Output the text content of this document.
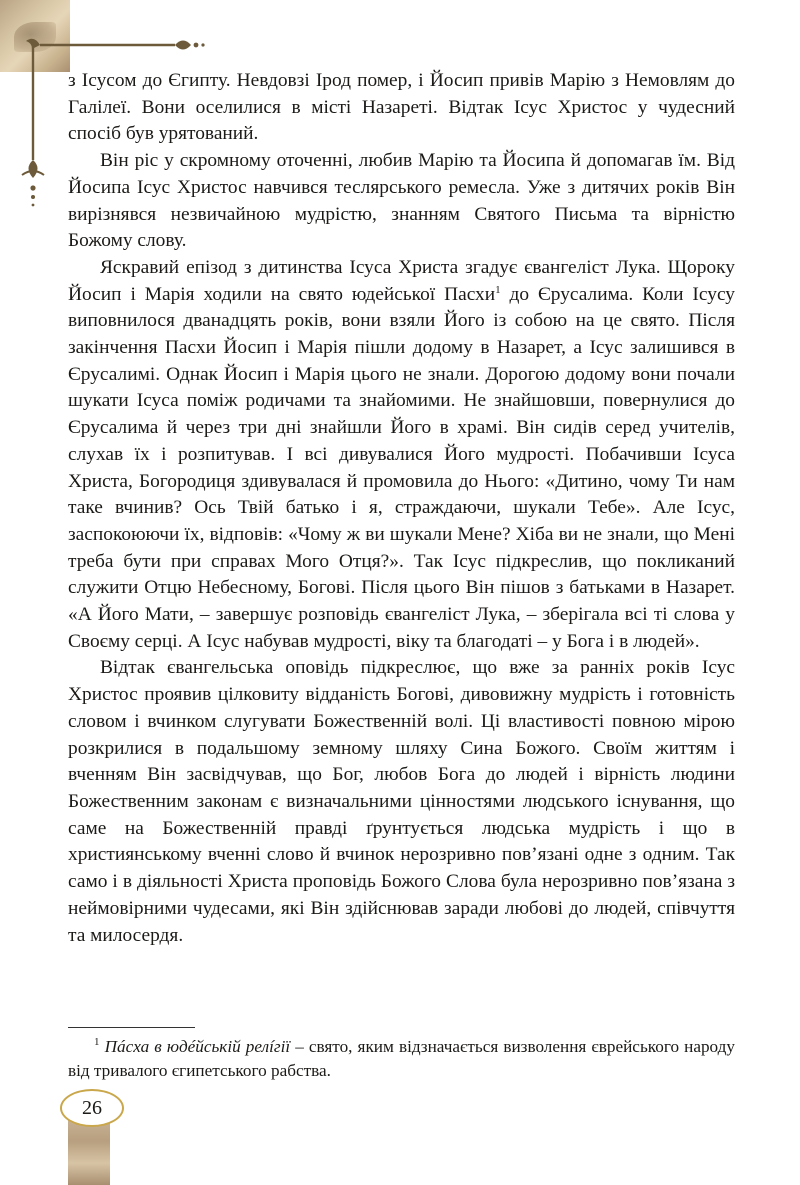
з Ісусом до Єгипту. Невдовзі Ірод помер, і Йосип привів Марію з Немовлям до Галілеї. Вони оселилися в місті Назареті. Відтак Ісус Христос у чудесний спосіб був урятований.

Він ріс у скромному оточенні, любив Марію та Йосипа й допомагав їм. Від Йосипа Ісус Христос навчився теслярського ремесла. Уже з дитячих років Він вирізнявся незвичайною мудрістю, знанням Святого Письма та вірністю Божому слову.

Яскравий епізод з дитинства Ісуса Христа згадує євангеліст Лука. Щороку Йосип і Марія ходили на свято юдейської Пасхи$^1$ до Єрусалима. Коли Ісусу виповнилося дванадцять років, вони взяли Його із собою на це свято. Після закінчення Пасхи Йосип і Марія пішли додому в Назарет, а Ісус залишився в Єрусалимі. Однак Йосип і Марія цього не знали. Дорогою додому вони почали шукати Ісуса поміж родичами та знайомими. Не знайшовши, повернулися до Єрусалима й через три дні знайшли Його в храмі. Він сидів серед учителів, слухав їх і розпитував. І всі дивувалися Його мудрості. Побачивши Ісуса Христа, Богородиця здивувалася й промовила до Нього: «Дитино, чому Ти нам таке вчинив? Ось Твій батько і я, страждаючи, шукали Тебе». Але Ісус, заспокоюючи їх, відповів: «Чому ж ви шукали Мене? Хіба ви не знали, що Мені треба бути при справах Мого Отця?». Так Ісус підкреслив, що покликаний служити Отцю Небесному, Богові. Після цього Він пішов з батьками в Назарет. «А Його Мати, – завершує розповідь євангеліст Лука, – зберігала всі ті слова у Своєму серці. А Ісус набував мудрості, віку та благодаті – у Бога і в людей».

Відтак євангельська оповідь підкреслює, що вже за ранніх років Ісус Христос проявив цілковиту відданість Богові, дивовижну мудрість і готовність словом і вчинком слугувати Божественній волі. Ці властивості повною мірою розкрилися в подальшому земному шляху Сина Божого. Своїм життям і вченням Він засвідчував, що Бог, любов Бога до людей і вірність людини Божественним законам є визначальними цінностями людського існування, що саме на Божественній правді ґрунтується людська мудрість і що в християнському вченні слово й вчинок нерозривно пов’язані одне з одним. Так само і в діяльності Христа проповідь Божого Слова була нерозривно пов’язана з неймовірними чудесами, які Він здійснював заради любові до людей, співчуття та милосердя.

$^1$ Пácха в юдéйській релíгії – свято, яким відзначається визволення єврейського народу від тривалого єгипетського рабства.
26
